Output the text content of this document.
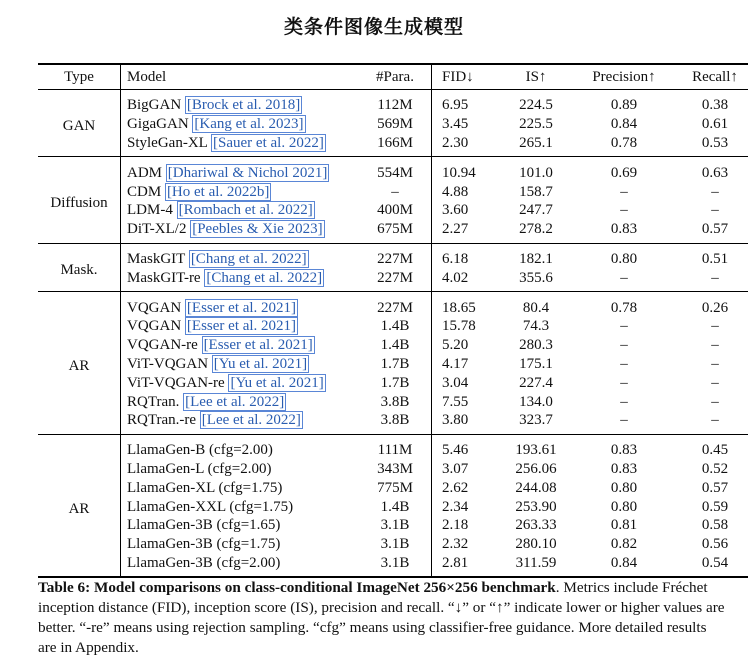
类条件图像生成模型
Type	Model	#Para.	FID↓	IS↑	Precision↑	Recall↑
GAN	BigGAN [Brock et al. 2018]	112M	6.95	224.5	0.89	0.38
	GigaGAN [Kang et al. 2023]	569M	3.45	225.5	0.84	0.61
	StyleGan-XL [Sauer et al. 2022]	166M	2.30	265.1	0.78	0.53
Diffusion	ADM [Dhariwal & Nichol 2021]	554M	10.94	101.0	0.69	0.63
	CDM [Ho et al. 2022b]	–	4.88	158.7	–	–
	LDM-4 [Rombach et al. 2022]	400M	3.60	247.7	–	–
	DiT-XL/2 [Peebles & Xie 2023]	675M	2.27	278.2	0.83	0.57
Mask.	MaskGIT [Chang et al. 2022]	227M	6.18	182.1	0.80	0.51
	MaskGIT-re [Chang et al. 2022]	227M	4.02	355.6	–	–
AR	VQGAN [Esser et al. 2021]	227M	18.65	80.4	0.78	0.26
	VQGAN [Esser et al. 2021]	1.4B	15.78	74.3	–	–
	VQGAN-re [Esser et al. 2021]	1.4B	5.20	280.3	–	–
	ViT-VQGAN [Yu et al. 2021]	1.7B	4.17	175.1	–	–
	ViT-VQGAN-re [Yu et al. 2021]	1.7B	3.04	227.4	–	–
	RQTran. [Lee et al. 2022]	3.8B	7.55	134.0	–	–
	RQTran.-re [Lee et al. 2022]	3.8B	3.80	323.7	–	–
AR	LlamaGen-B (cfg=2.00)	111M	5.46	193.61	0.83	0.45
	LlamaGen-L (cfg=2.00)	343M	3.07	256.06	0.83	0.52
	LlamaGen-XL (cfg=1.75)	775M	2.62	244.08	0.80	0.57
	LlamaGen-XXL (cfg=1.75)	1.4B	2.34	253.90	0.80	0.59
	LlamaGen-3B (cfg=1.65)	3.1B	2.18	263.33	0.81	0.58
	LlamaGen-3B (cfg=1.75)	3.1B	2.32	280.10	0.82	0.56
	LlamaGen-3B (cfg=2.00)	3.1B	2.81	311.59	0.84	0.54
Table 6: Model comparisons on class-conditional ImageNet 256×256 benchmark. Metrics include Fréchet inception distance (FID), inception score (IS), precision and recall. “↓” or “↑” indicate lower or higher values are better. “-re” means using rejection sampling. “cfg” means using classifier-free guidance. More detailed results are in Appendix.
